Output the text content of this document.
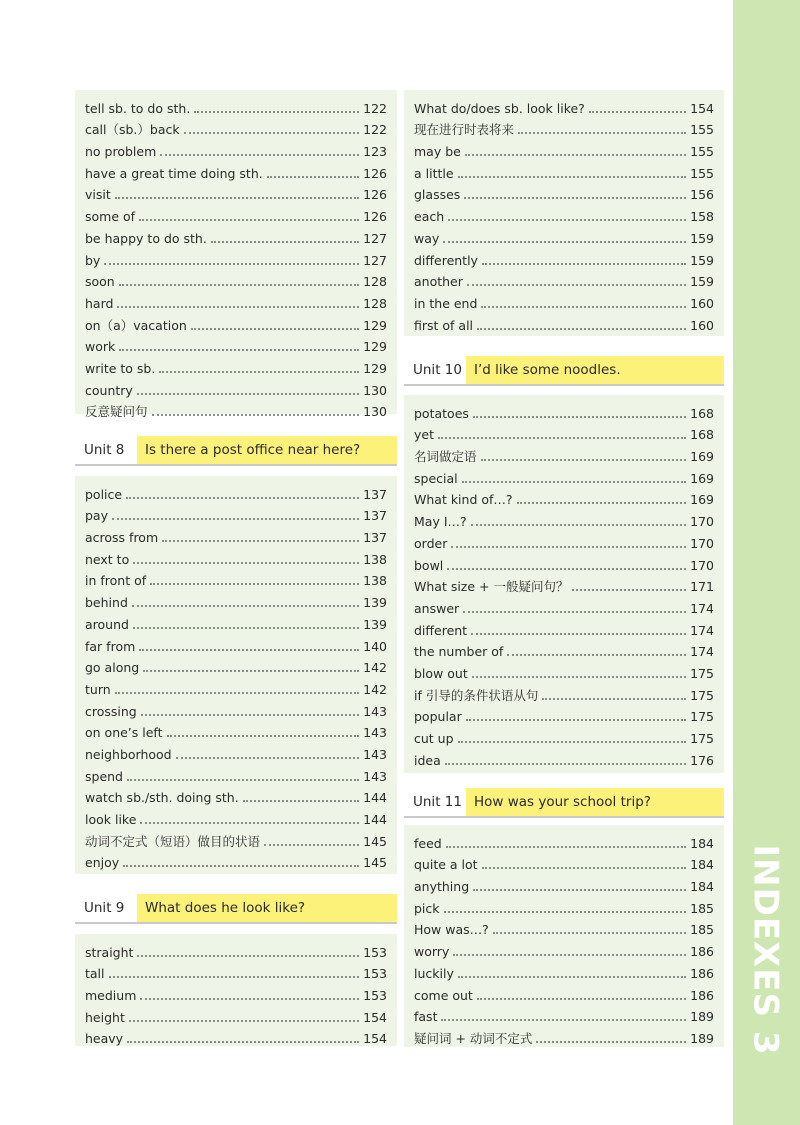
INDEXES 3
tell sb. to do sth.	122
call（sb.）back	122
no problem	123
have a great time doing sth.	126
visit	126
some of	126
be happy to do sth.	127
by	127
soon	128
hard	128
on（a）vacation	129
work	129
write to sb.	129
country	130
反意疑问句	130
Unit 8	Is there a post office near here?
police	137
pay	137
across from	137
next to	138
in front of	138
behind	139
around	139
far from	140
go along	142
turn	142
crossing	143
on one’s left	143
neighborhood	143
spend	143
watch sb./sth. doing sth.	144
look like	144
动词不定式（短语）做目的状语	145
enjoy	145
Unit 9	What does he look like?
straight	153
tall	153
medium	153
height	154
heavy	154
What do/does sb. look like?	154
现在进行时表将来	155
may be	155
a little	155
glasses	156
each	158
way	159
differently	159
another	159
in the end	160
first of all	160
Unit 10 I’d like some noodles.
potatoes	168
yet	168
名词做定语	169
special	169
What kind of…?	169
May I…?	170
order	170
bowl	170
What size + 一般疑问句？	171
answer	174
different	174
the number of	174
blow out	175
if 引导的条件状语从句	175
popular	175
cut up	175
idea	176
Unit 11 How was your school trip?
feed	184
quite a lot	184
anything	184
pick	185
How was…?	185
worry	186
luckily	186
come out	186
fast	189
疑问词 + 动词不定式	189
